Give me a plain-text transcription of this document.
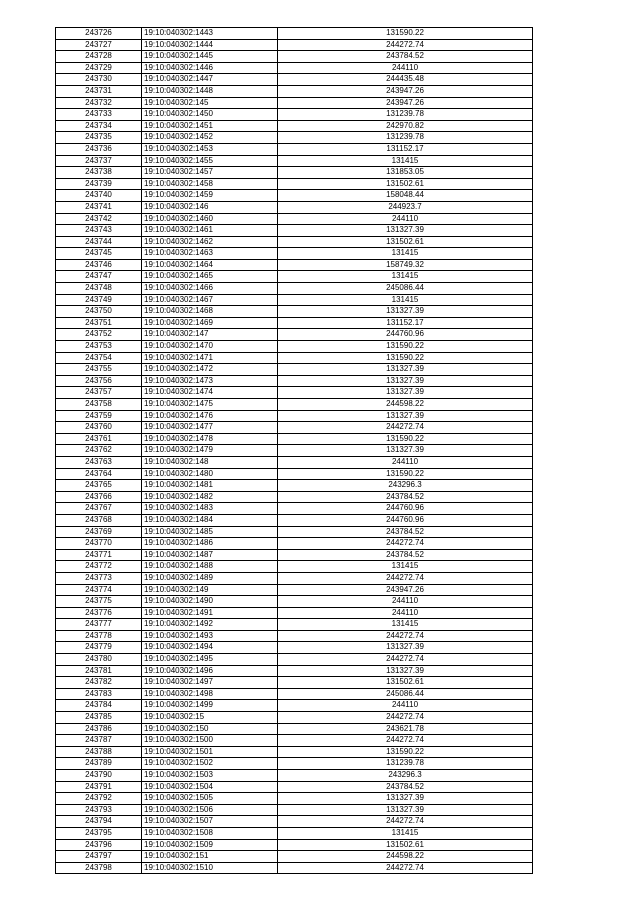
243726	19:10:040302:1443	131590.22
243727	19:10:040302:1444	244272.74
243728	19:10:040302:1445	243784.52
243729	19:10:040302:1446	244110
243730	19:10:040302:1447	244435.48
243731	19:10:040302:1448	243947.26
243732	19:10:040302:145	243947.26
243733	19:10:040302:1450	131239.78
243734	19:10:040302:1451	242970.82
243735	19:10:040302:1452	131239.78
243736	19:10:040302:1453	131152.17
243737	19:10:040302:1455	131415
243738	19:10:040302:1457	131853.05
243739	19:10:040302:1458	131502.61
243740	19:10:040302:1459	158048.44
243741	19:10:040302:146	244923.7
243742	19:10:040302:1460	244110
243743	19:10:040302:1461	131327.39
243744	19:10:040302:1462	131502.61
243745	19:10:040302:1463	131415
243746	19:10:040302:1464	158749.32
243747	19:10:040302:1465	131415
243748	19:10:040302:1466	245086.44
243749	19:10:040302:1467	131415
243750	19:10:040302:1468	131327.39
243751	19:10:040302:1469	131152.17
243752	19:10:040302:147	244760.96
243753	19:10:040302:1470	131590.22
243754	19:10:040302:1471	131590.22
243755	19:10:040302:1472	131327.39
243756	19:10:040302:1473	131327.39
243757	19:10:040302:1474	131327.39
243758	19:10:040302:1475	244598.22
243759	19:10:040302:1476	131327.39
243760	19:10:040302:1477	244272.74
243761	19:10:040302:1478	131590.22
243762	19:10:040302:1479	131327.39
243763	19:10:040302:148	244110
243764	19:10:040302:1480	131590.22
243765	19:10:040302:1481	243296.3
243766	19:10:040302:1482	243784.52
243767	19:10:040302:1483	244760.96
243768	19:10:040302:1484	244760.96
243769	19:10:040302:1485	243784.52
243770	19:10:040302:1486	244272.74
243771	19:10:040302:1487	243784.52
243772	19:10:040302:1488	131415
243773	19:10:040302:1489	244272.74
243774	19:10:040302:149	243947.26
243775	19:10:040302:1490	244110
243776	19:10:040302:1491	244110
243777	19:10:040302:1492	131415
243778	19:10:040302:1493	244272.74
243779	19:10:040302:1494	131327.39
243780	19:10:040302:1495	244272.74
243781	19:10:040302:1496	131327.39
243782	19:10:040302:1497	131502.61
243783	19:10:040302:1498	245086.44
243784	19:10:040302:1499	244110
243785	19:10:040302:15	244272.74
243786	19:10:040302:150	243621.78
243787	19:10:040302:1500	244272.74
243788	19:10:040302:1501	131590.22
243789	19:10:040302:1502	131239.78
243790	19:10:040302:1503	243296.3
243791	19:10:040302:1504	243784.52
243792	19:10:040302:1505	131327.39
243793	19:10:040302:1506	131327.39
243794	19:10:040302:1507	244272.74
243795	19:10:040302:1508	131415
243796	19:10:040302:1509	131502.61
243797	19:10:040302:151	244598.22
243798	19:10:040302:1510	244272.74
